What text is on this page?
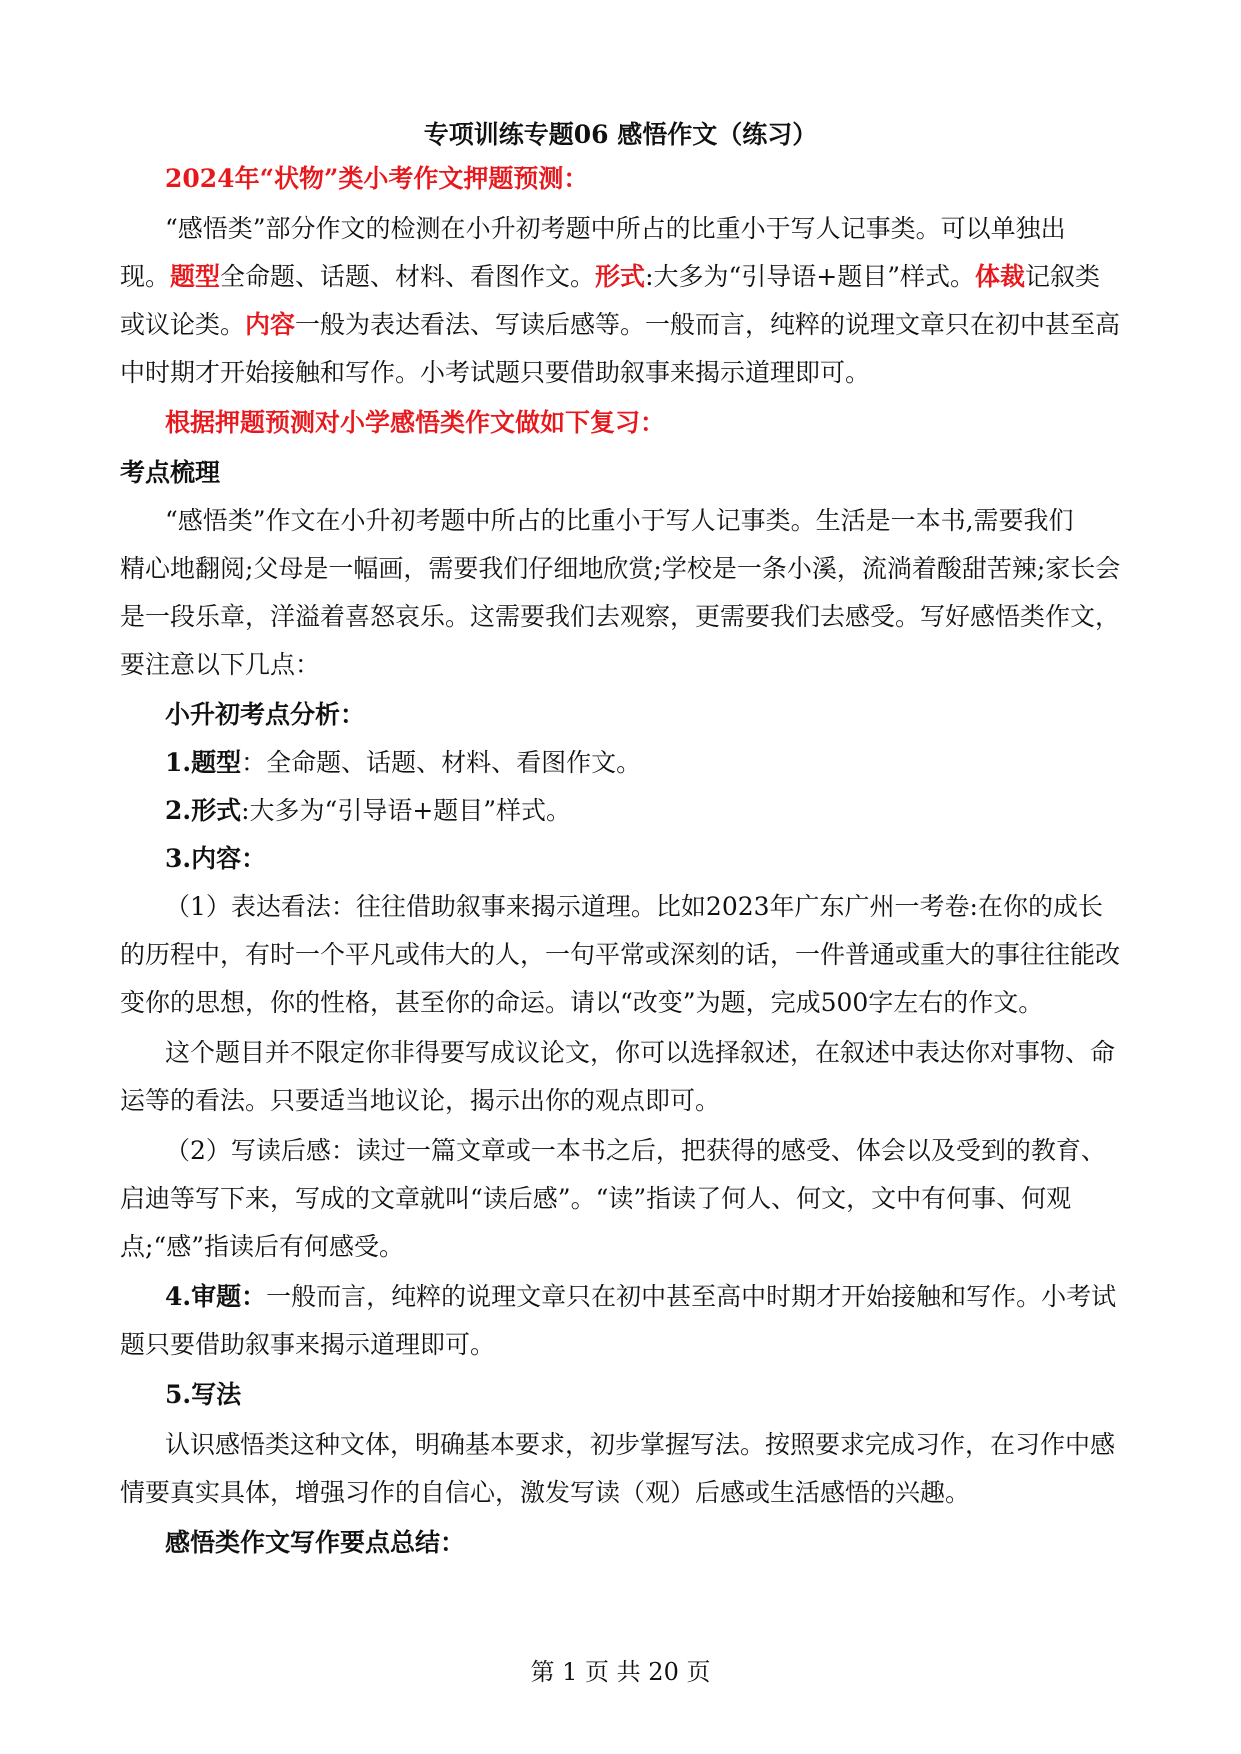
专项训练专题06 感悟作文（练习）
2024年“状物”类小考作文押题预测：
“感悟类”部分作文的检测在小升初考题中所占的比重小于写人记事类。可以单独出
现。题型全命题、话题、材料、看图作文。形式:大多为“引导语+题目”样式。体裁记叙类
或议论类。内容一般为表达看法、写读后感等。一般而言，纯粹的说理文章只在初中甚至高
中时期才开始接触和写作。小考试题只要借助叙事来揭示道理即可。
根据押题预测对小学感悟类作文做如下复习：
考点梳理
“感悟类”作文在小升初考题中所占的比重小于写人记事类。生活是一本书,需要我们
精心地翻阅;父母是一幅画，需要我们仔细地欣赏;学校是一条小溪，流淌着酸甜苦辣;家长会
是一段乐章，洋溢着喜怒哀乐。这需要我们去观察，更需要我们去感受。写好感悟类作文，
要注意以下几点：
小升初考点分析：
1.题型：全命题、话题、材料、看图作文。
2.形式:大多为“引导语+题目”样式。
3.内容：
（1）表达看法：往往借助叙事来揭示道理。比如2023年广东广州一考卷:在你的成长
的历程中，有时一个平凡或伟大的人，一句平常或深刻的话，一件普通或重大的事往往能改
变你的思想，你的性格，甚至你的命运。请以“改变”为题，完成500字左右的作文。
这个题目并不限定你非得要写成议论文，你可以选择叙述，在叙述中表达你对事物、命
运等的看法。只要适当地议论，揭示出你的观点即可。
（2）写读后感：读过一篇文章或一本书之后，把获得的感受、体会以及受到的教育、
启迪等写下来，写成的文章就叫“读后感”。“读”指读了何人、何文，文中有何事、何观
点;“感”指读后有何感受。
4.审题：一般而言，纯粹的说理文章只在初中甚至高中时期才开始接触和写作。小考试
题只要借助叙事来揭示道理即可。
5.写法
认识感悟类这种文体，明确基本要求，初步掌握写法。按照要求完成习作，在习作中感
情要真实具体，增强习作的自信心，激发写读（观）后感或生活感悟的兴趣。
感悟类作文写作要点总结：
第 1 页 共 20 页
